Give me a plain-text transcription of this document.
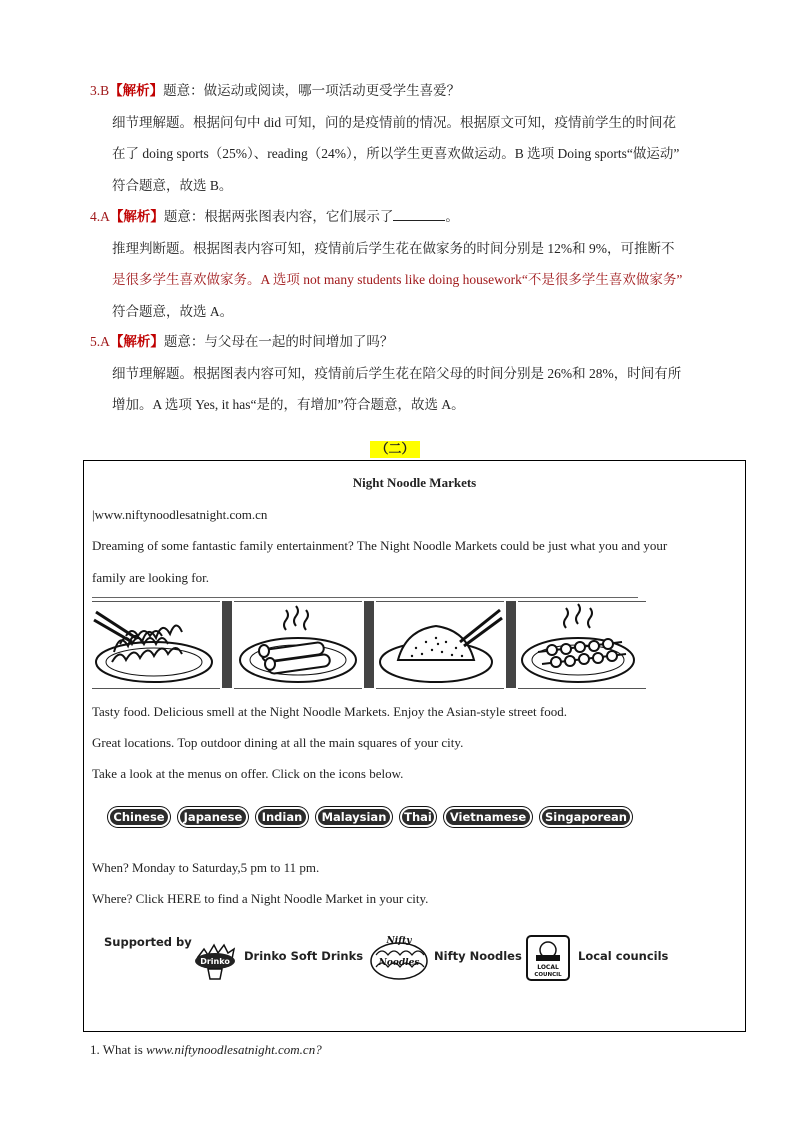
3.B【解析】题意：做运动或阅读，哪一项活动更受学生喜爱？
细节理解题。根据问句中 did 可知，问的是疫情前的情况。根据原文可知，疫情前学生的时间花
在了 doing sports（25%）、reading（24%），所以学生更喜欢做运动。B 选项 Doing sports“做运动”
符合题意，故选 B。
4.A【解析】题意：根据两张图表内容，它们展示了	。
推理判断题。根据图表内容可知，疫情前后学生花在做家务的时间分别是 12%和 9%，可推断不
是很多学生喜欢做家务。A 选项 not many students like doing housework“不是很多学生喜欢做家务”
符合题意，故选 A。
5.A【解析】题意：与父母在一起的时间增加了吗？
细节理解题。根据图表内容可知，疫情前后学生花在陪父母的时间分别是 26%和 28%，时间有所
增加。A 选项 Yes, it has“是的，有增加”符合题意，故选 A。
（二）
Night Noodle Markets
|www.niftynoodlesatnight.com.cn
Dreaming of some fantastic family entertainment? The Night Noodle Markets could be just what you and your
family are looking for.
Tasty food. Delicious smell at the Night Noodle Markets. Enjoy the Asian-style street food.
Great locations. Top outdoor dining at all the main squares of your city.
Take a look at the menus on offer. Click on the icons below.
Chinese	Japanese	Indian	Malaysian	Thai	Vietnamese	Singaporean
When? Monday to Saturday,5 pm to 11 pm.
Where? Click HERE to find a Night Noodle Market in your city.
Supported by
Drinko Drinko Soft Drinks
Nifty
Noodles Nifty Noodles
LOCAL
COUNCIL
Local councils
1. What is www.niftynoodlesatnight.com.cn?
